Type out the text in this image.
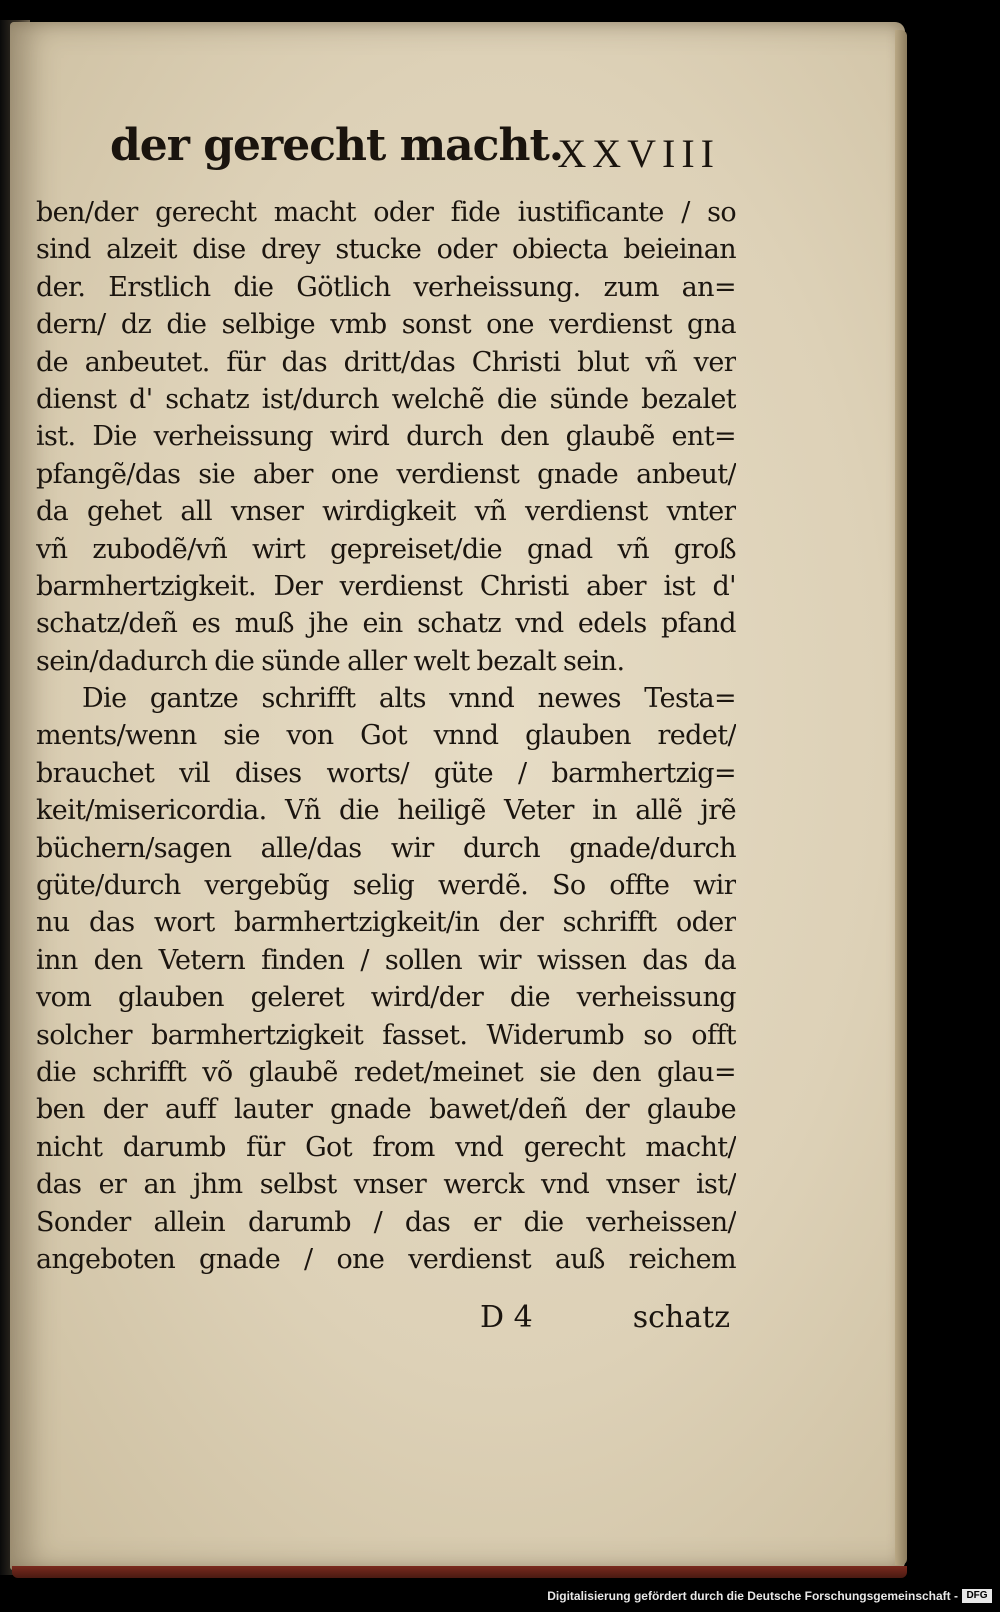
der gerecht macht.
XXVIII
ben/der gerecht macht oder fide iustificante / so
sind alzeit dise drey stucke oder obiecta beieinan
der. Erstlich die Götlich verheissung. zum an=
dern/ dz die selbige vmb sonst one verdienst gna
de anbeutet. für das dritt/das Christi blut vñ ver
dienst d' schatz ist/durch welchẽ die sünde bezalet
ist. Die verheissung wird durch den glaubẽ ent=
pfangẽ/das sie aber one verdienst gnade anbeut/
da gehet all vnser wirdigkeit vñ verdienst vnter
vñ zubodẽ/vñ wirt gepreiset/die gnad vñ groß
barmhertzigkeit. Der verdienst Christi aber ist d'
schatz/deñ es muß jhe ein schatz vnd edels pfand
sein/dadurch die sünde aller welt bezalt sein.
Die gantze schrifft alts vnnd newes Testa=
ments/wenn sie von Got vnnd glauben redet/
brauchet vil dises worts/ güte / barmhertzig=
keit/misericordia. Vñ die heiligẽ Veter in allẽ jrẽ
büchern/sagen alle/das wir durch gnade/durch
güte/durch vergebũg selig werdẽ. So offte wir
nu das wort barmhertzigkeit/in der schrifft oder
inn den Vetern finden / sollen wir wissen das da
vom glauben geleret wird/der die verheissung
solcher barmhertzigkeit fasset. Widerumb so offt
die schrifft võ glaubẽ redet/meinet sie den glau=
ben der auff lauter gnade bawet/deñ der glaube
nicht darumb für Got from vnd gerecht macht/
das er an jhm selbst vnser werck vnd vnser ist/
Sonder allein darumb / das er die verheissen/
angeboten gnade / one verdienst auß reichem
D 4	schatz
Digitalisierung gefördert durch die Deutsche Forschungsgemeinschaft - DFG
